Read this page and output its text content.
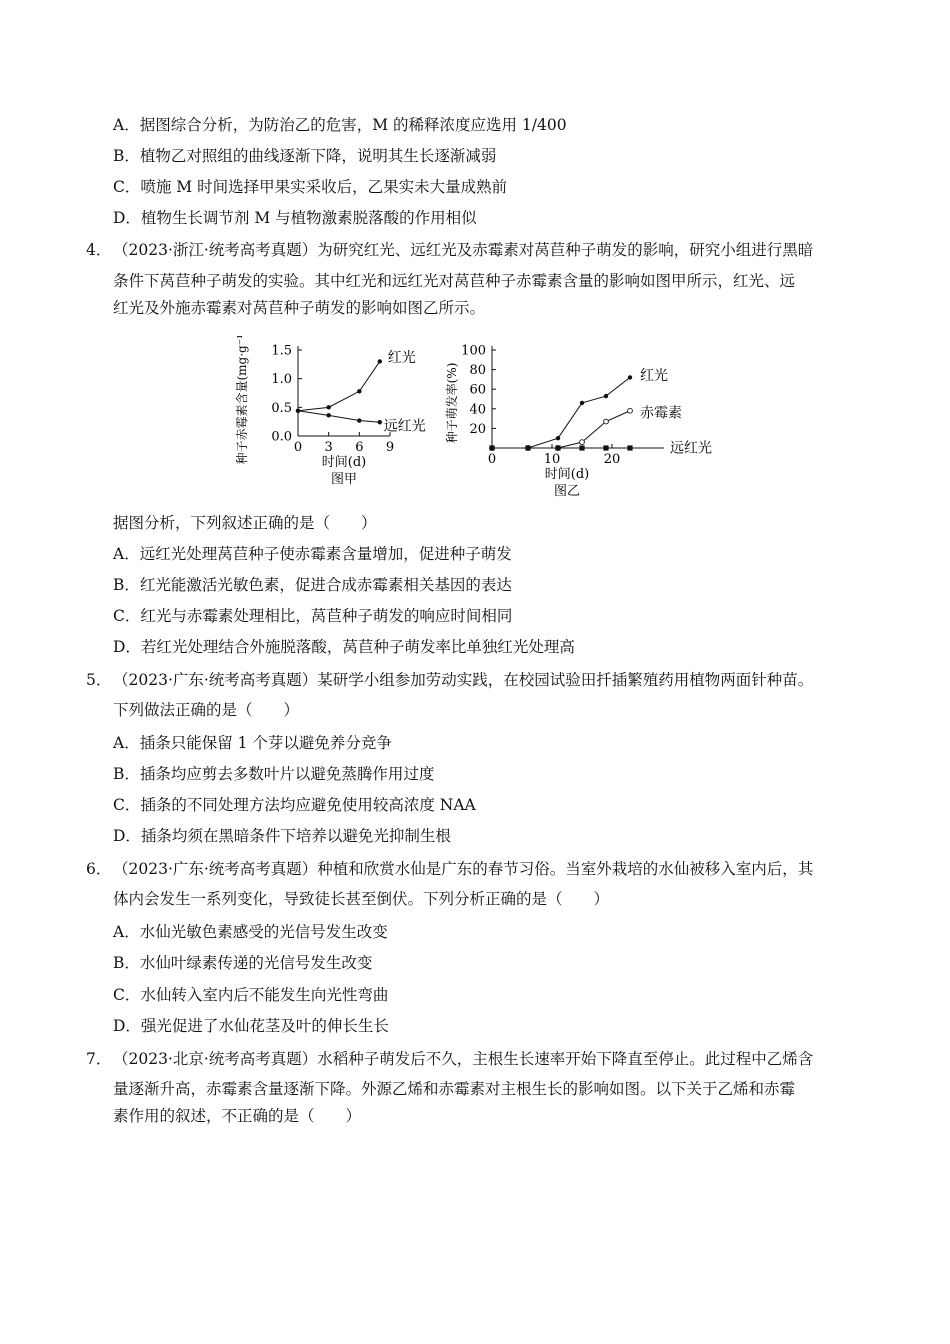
A．据图综合分析，为防治乙的危害，M 的稀释浓度应选用 1/400
B．植物乙对照组的曲线逐渐下降，说明其生长逐渐减弱
C．喷施 M 时间选择甲果实采收后，乙果实未大量成熟前
D．植物生长调节剂 M 与植物激素脱落酸的作用相似
4． （2023·浙江·统考高考真题）为研究红光、远红光及赤霉素对莴苣种子萌发的影响，研究小组进行黑暗
条件下莴苣种子萌发的实验。其中红光和远红光对莴苣种子赤霉素含量的影响如图甲所示，红光、远
红光及外施赤霉素对莴苣种子萌发的影响如图乙所示。
0.0
0.5
1.0
1.5
0 3 6 9
红光
远红光
种子赤霉素含量(mg·g⁻¹)	时间(d)
图甲
20
40
60
80
100
0	10	20
红光
赤霉素
远红光
种子萌发率(%)
时间(d)
图乙
据图分析，下列叙述正确的是（　　）
A．远红光处理莴苣种子使赤霉素含量增加，促进种子萌发
B．红光能激活光敏色素，促进合成赤霉素相关基因的表达
C．红光与赤霉素处理相比，莴苣种子萌发的响应时间相同
D．若红光处理结合外施脱落酸，莴苣种子萌发率比单独红光处理高
5． （2023·广东·统考高考真题）某研学小组参加劳动实践，在校园试验田扦插繁殖药用植物两面针种苗。
下列做法正确的是（　　）
A．插条只能保留 1 个芽以避免养分竞争
B．插条均应剪去多数叶片以避免蒸腾作用过度
C．插条的不同处理方法均应避免使用较高浓度 NAA
D．插条均须在黑暗条件下培养以避免光抑制生根
6． （2023·广东·统考高考真题）种植和欣赏水仙是广东的春节习俗。当室外栽培的水仙被移入室内后，其
体内会发生一系列变化，导致徒长甚至倒伏。下列分析正确的是（　　）
A．水仙光敏色素感受的光信号发生改变
B．水仙叶绿素传递的光信号发生改变
C．水仙转入室内后不能发生向光性弯曲
D．强光促进了水仙花茎及叶的伸长生长
7． （2023·北京·统考高考真题）水稻种子萌发后不久，主根生长速率开始下降直至停止。此过程中乙烯含
量逐渐升高，赤霉素含量逐渐下降。外源乙烯和赤霉素对主根生长的影响如图。以下关于乙烯和赤霉
素作用的叙述，不正确的是（　　）
